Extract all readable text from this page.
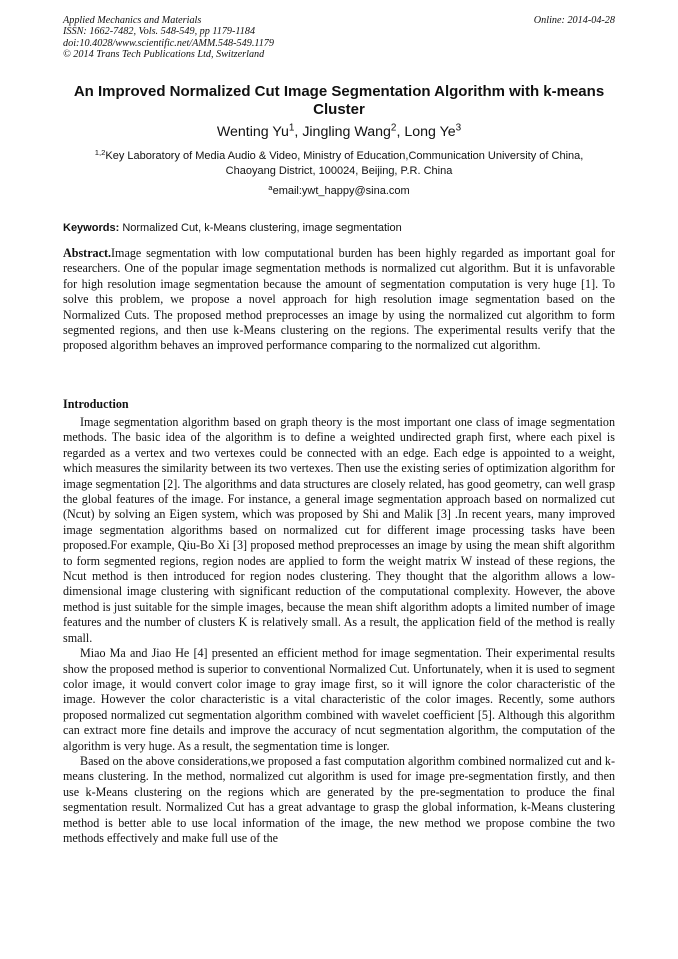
Applied Mechanics and Materials
ISSN: 1662-7482, Vols. 548-549, pp 1179-1184
doi:10.4028/www.scientific.net/AMM.548-549.1179
© 2014 Trans Tech Publications Ltd, Switzerland
Online: 2014-04-28
An Improved Normalized Cut Image Segmentation Algorithm with k-means Cluster
Wenting Yu$^1$, Jingling Wang$^2$, Long Ye$^3$
$^{1,2}$Key Laboratory of Media Audio & Video, Ministry of Education,Communication University of China, Chaoyang District, 100024, Beijing, P.R. China
$^a$email:ywt_happy@sina.com
Keywords: Normalized Cut, k-Means clustering, image segmentation

Abstract.Image segmentation with low computational burden has been highly regarded as important goal for researchers. One of the popular image segmentation methods is normalized cut algorithm. But it is unfavorable for high resolution image segmentation because the amount of segmentation computation is very huge [1]. To solve this problem, we propose a novel approach for high resolution image segmentation based on the Normalized Cuts. The proposed method preprocesses an image by using the normalized cut algorithm to form segmented regions, and then use k-Means clustering on the regions. The experimental results verify that the proposed algorithm behaves an improved performance comparing to the normalized cut algorithm.

Introduction

Image segmentation algorithm based on graph theory is the most important one class of image segmentation methods. The basic idea of the algorithm is to define a weighted undirected graph first, where each pixel is regarded as a vertex and two vertexes could be connected with an edge. Each edge is appointed to a weight, which measures the similarity between its two vertexes. Then use the existing series of optimization algorithm for image segmentation [2]. The algorithms and data structures are closely related, has good geometry, can well grasp the global features of the image. For instance, a general image segmentation approach based on normalized cut (Ncut) by solving an Eigen system, which was proposed by Shi and Malik [3] .In recent years, many improved image segmentation algorithms based on normalized cut for different image processing tasks have been proposed.For example, Qiu-Bo Xi [3] proposed method preprocesses an image by using the mean shift algorithm to form segmented regions, region nodes are applied to form the weight matrix W instead of these regions, the Ncut method is then introduced for region nodes clustering. They thought that the algorithm allows a low-dimensional image clustering with significant reduction of the computational complexity. However, the above method is just suitable for the simple images, because the mean shift algorithm adopts a limited number of image features and the number of clusters K is relatively small. As a result, the application field of the method is really small.

Miao Ma and Jiao He [4] presented an efficient method for image segmentation. Their experimental results show the proposed method is superior to conventional Normalized Cut. Unfortunately, when it is used to segment color image, it would convert color image to gray image first, so it will ignore the color characteristic of the image. However the color characteristic is a vital characteristic of the color images. Recently, some authors proposed normalized cut segmentation algorithm combined with wavelet coefficient [5]. Although this algorithm can extract more fine details and improve the accuracy of ncut segmentation algorithm, the computation of the algorithm is very huge. As a result, the segmentation time is longer.

Based on the above considerations,we proposed a fast computation algorithm combined normalized cut and k-means clustering. In the method, normalized cut algorithm is used for image pre-segmentation firstly, and then use k-Means clustering on the regions which are generated by the pre-segmentation to produce the final segmentation result. Normalized Cut has a great advantage to grasp the global information, k-Means clustering method is better able to use local information of the image, the new method we propose combine the two methods effectively and make full use of the
